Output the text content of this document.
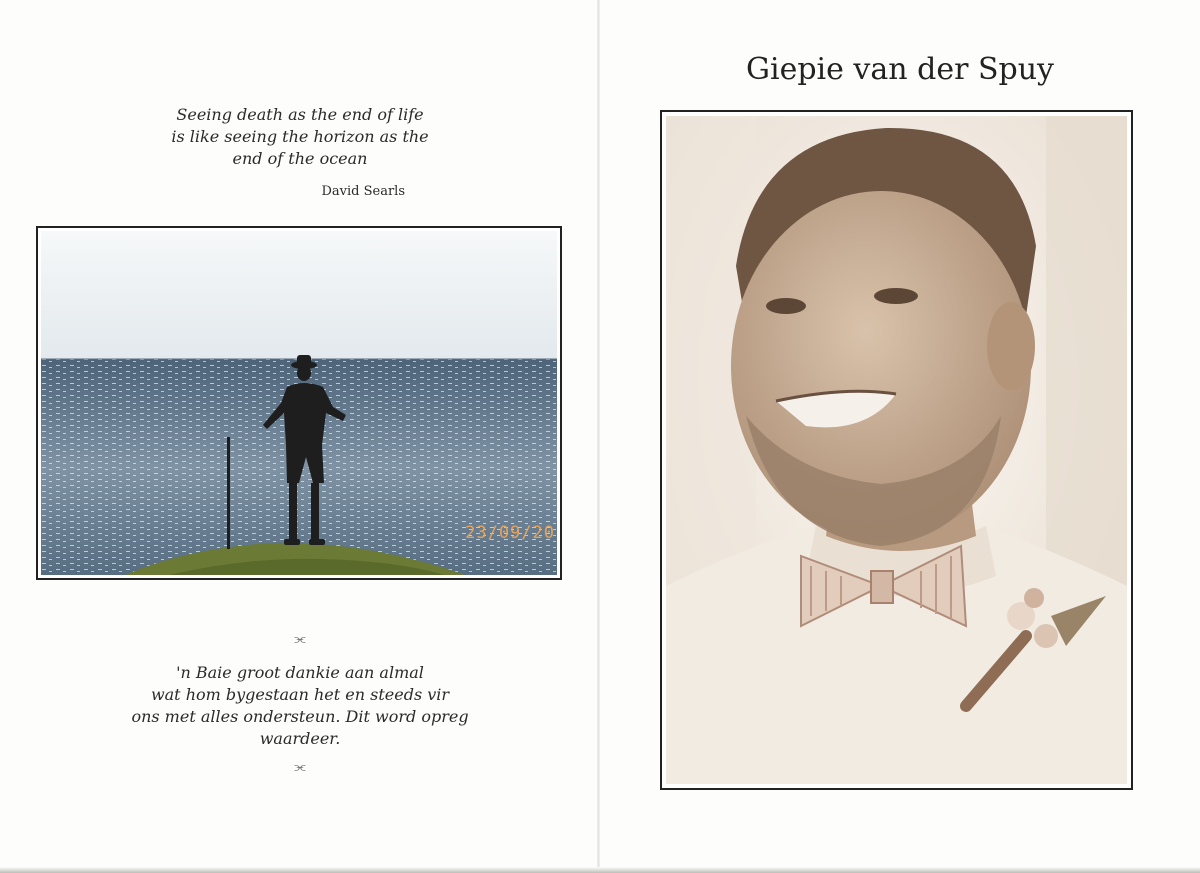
Seeing death as the end of life
is like seeing the horizon as the
end of the ocean

David Searls

23/09/20
⫘

'n Baie groot dankie aan almal
wat hom bygestaan het en steeds vir
ons met alles ondersteun. Dit word opreg
waardeer.

⫘
Giepie van der Spuy
